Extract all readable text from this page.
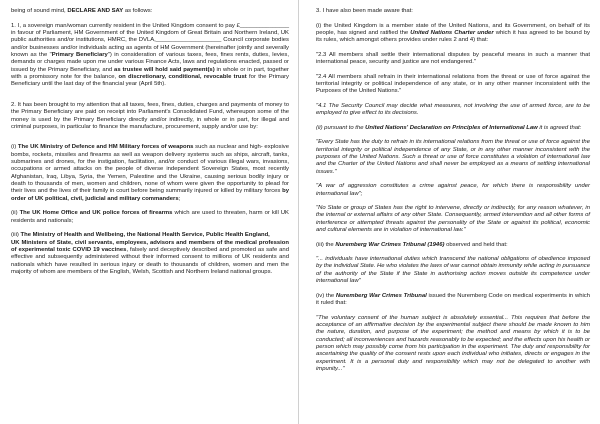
being of sound mind, DECLARE AND SAY as follows:

1. I, a sovereign man/woman currently resident in the United Kingdom consent to pay £_______________ in favour of Parliament, HM Government of the United Kingdom of Great Britain and Northern Ireland, UK public authorities and/or institutions, HMRC, the DVLA,____________________ Council corporate bodies and/or businesses and/or individuals acting as agents of HM Government (hereinafter jointly and severally known as the "Primary Beneficiary") in consideration of various taxes, fees, fines rents, duties, levies, demands or charges made upon me under various Finance Acts, laws and regulations enacted, passed or issued by the Primary Beneficiary, and as trustee will hold said payment(s) in whole or in part, together with a promissory note for the balance, on discretionary, conditional, revocable trust for the Primary Beneficiary until the last day of the financial year (April 5th).

2. It has been brought to my attention that all taxes, fees, fines, duties, charges and payments of money to the Primary Beneficiary are paid on receipt into Parliament's Consolidated Fund, whereupon some of the money is used by the Primary Beneficiary directly and/or indirectly, in whole or in part, for illegal and criminal purposes, in particular to finance the manufacture, procurement, supply and/or use by:

(i) The UK Ministry of Defence and HM Military forces of weapons such as nuclear and high- explosive bombs, rockets, missiles and firearms as well as weapon delivery systems such as ships, aircraft, tanks, submarines and drones, for the instigation, facilitation, and/or conduct of various illegal wars, invasions, occupations or armed attacks on the people of diverse independent Sovereign States, most recently Afghanistan, Iraq, Libya, Syria, the Yemen, Palestine and the Ukraine, causing serious bodily injury or death to thousands of men, women and children, none of whom were given the opportunity to plead for their lives and the lives of their family in court before being summarily injured or killed by military forces by order of UK political, civil, judicial and military commanders;

(ii) The UK Home Office and UK police forces of firearms which are used to threaten, harm or kill UK residents and nationals;

(iii) The Ministry of Health and Wellbeing, the National Health Service, Public Health England,
UK Ministers of State, civil servants, employees, advisors and members of the medical profession of experimental toxic COVID 19 vaccines, falsely and deceptively described and promoted as safe and effective and subsequently administered without their informed consent to millions of UK residents and nationals which have resulted in serious injury or death to thousands of children, women and men the majority of whom are members of the English, Welsh, Scottish and Northern Ireland national groups.

3. I have also been made aware that:

(i) the United Kingdom is a member state of the United Nations, and its Government, on behalf of its people, has signed and ratified the United Nations Charter under which it has agreed to be bound by its rules, which amongst others provides under rules 2 and 4) that:

"2.3 All members shall settle their international disputes by peaceful means in such a manner that international peace, security and justice are not endangered."

"2.4 All members shall refrain in their international relations from the threat or use of force against the territorial integrity or political independence of any state, or in any other manner inconsistent with the Purposes of the United Nations."

"4.1 The Security Council may decide what measures, not involving the use of armed force, are to be employed to give effect to its decisions.

(ii) pursuant to the United Nations' Declaration on Principles of International Law it is agreed that:

"Every State has the duty to refrain in its international relations from the threat or use of force against the territorial integrity or political independence of any State, or in any other manner inconsistent with the purposes of the United Nations. Such a threat or use of force constitutes a violation of international law and the Charter of the United Nations and shall never be employed as a means of settling international issues."

"A war of aggression constitutes a crime against peace, for which there is responsibility under international law";

"No State or group of States has the right to intervene, directly or indirectly, for any reason whatever, in the internal or external affairs of any other State. Consequently, armed intervention and all other forms of interference or attempted threats against the personality of the State or against its political, economic and cultural elements are in violation of international law."

(iii) the Nuremberg War Crimes Tribunal (1946) observed and held that:

"... individuals have international duties which transcend the national obligations of obedience imposed by the individual State. He who violates the laws of war cannot obtain immunity while acting in pursuance of the authority of the State if the State in authorising action moves outside its competence under international law"

(iv) the Nuremberg War Crimes Tribunal issued the Nuremberg Code on medical experiments in which it ruled that:

"The voluntary consent of the human subject is absolutely essential... This requires that before the acceptance of an affirmative decision by the experimental subject there should be made known to him the nature, duration, and purpose of the experiment; the method and means by which it is to be conducted; all inconveniences and hazards reasonably to be expected; and the effects upon his health or person which may possibly come from his participation in the experiment. The duty and responsibility for ascertaining the quality of the consent rests upon each individual who initiates, directs or engages in the experiment. It is a personal duty and responsibility which may not be delegated to another with impunity..."
